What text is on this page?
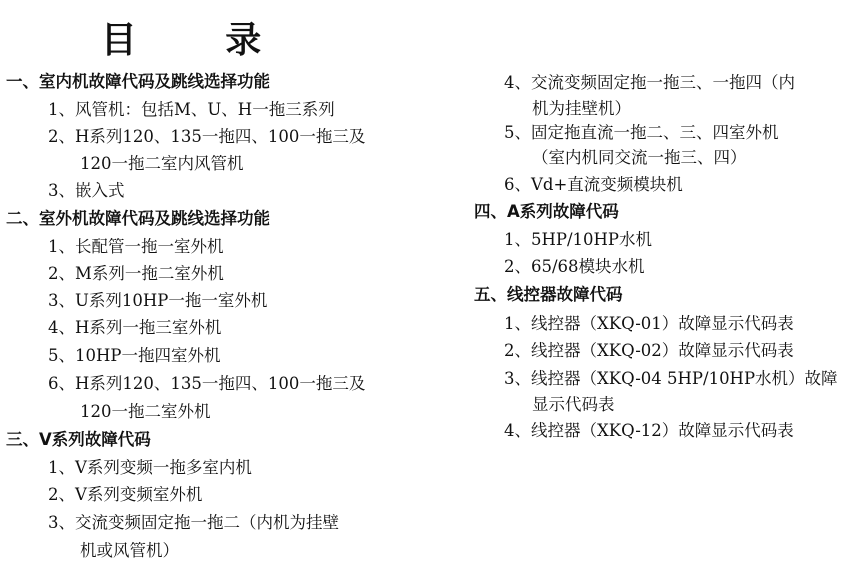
目 录
一、室内机故障代码及跳线选择功能
1、风管机：包括M、U、H一拖三系列
2、H系列120、135一拖四、100一拖三及
120一拖二室内风管机
3、嵌入式
二、室外机故障代码及跳线选择功能
1、长配管一拖一室外机
2、M系列一拖二室外机
3、U系列10HP一拖一室外机
4、H系列一拖三室外机
5、10HP一拖四室外机
6、H系列120、135一拖四、100一拖三及
120一拖二室外机
三、V系列故障代码
1、V系列变频一拖多室内机
2、V系列变频室外机
3、交流变频固定拖一拖二（内机为挂壁
机或风管机）
4、交流变频固定拖一拖三、一拖四（内
机为挂壁机）
5、固定拖直流一拖二、三、四室外机
（室内机同交流一拖三、四）
6、Vd+直流变频模块机
四、A系列故障代码
1、5HP/10HP水机
2、65/68模块水机
五、线控器故障代码
1、线控器（XKQ-01）故障显示代码表
2、线控器（XKQ-02）故障显示代码表
3、线控器（XKQ-04 5HP/10HP水机）故障
显示代码表
4、线控器（XKQ-12）故障显示代码表
